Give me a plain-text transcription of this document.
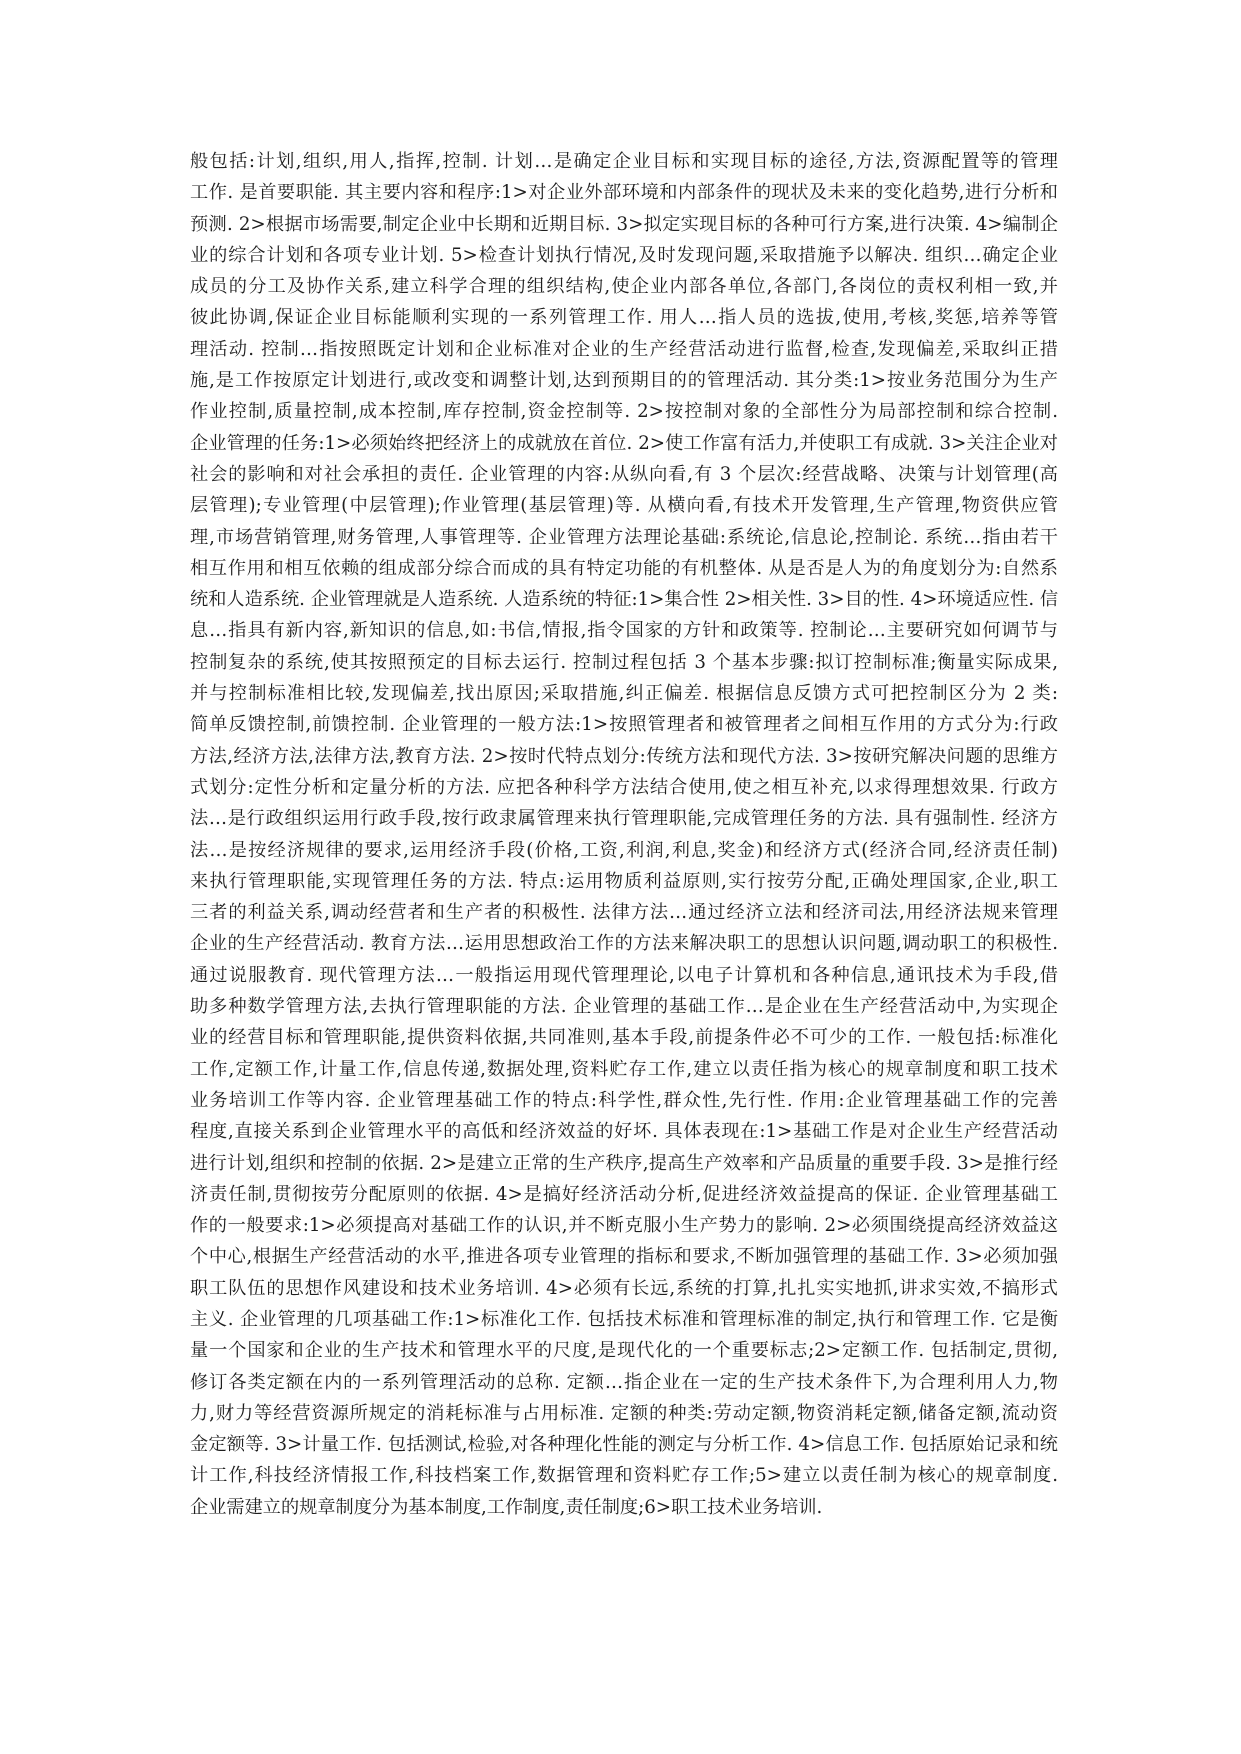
般包括:计划,组织,用人,指挥,控制. 计划…是确定企业目标和实现目标的途径,方法,资源配置等的管理
工作. 是首要职能. 其主要内容和程序:1>对企业外部环境和内部条件的现状及未来的变化趋势,进行分析和
预测. 2>根据市场需要,制定企业中长期和近期目标. 3>拟定实现目标的各种可行方案,进行决策. 4>编制企
业的综合计划和各项专业计划. 5>检查计划执行情况,及时发现问题,采取措施予以解决. 组织…确定企业
成员的分工及协作关系,建立科学合理的组织结构,使企业内部各单位,各部门,各岗位的责权利相一致,并
彼此协调,保证企业目标能顺利实现的一系列管理工作. 用人…指人员的选拔,使用,考核,奖惩,培养等管
理活动. 控制…指按照既定计划和企业标准对企业的生产经营活动进行监督,检查,发现偏差,采取纠正措
施,是工作按原定计划进行,或改变和调整计划,达到预期目的的管理活动. 其分类:1>按业务范围分为生产
作业控制,质量控制,成本控制,库存控制,资金控制等. 2>按控制对象的全部性分为局部控制和综合控制.
企业管理的任务:1>必须始终把经济上的成就放在首位. 2>使工作富有活力,并使职工有成就. 3>关注企业对
社会的影响和对社会承担的责任. 企业管理的内容:从纵向看,有 3 个层次:经营战略、决策与计划管理(高
层管理);专业管理(中层管理);作业管理(基层管理)等. 从横向看,有技术开发管理,生产管理,物资供应管
理,市场营销管理,财务管理,人事管理等. 企业管理方法理论基础:系统论,信息论,控制论. 系统…指由若干
相互作用和相互依赖的组成部分综合而成的具有特定功能的有机整体. 从是否是人为的角度划分为:自然系
统和人造系统. 企业管理就是人造系统. 人造系统的特征:1>集合性 2>相关性. 3>目的性. 4>环境适应性. 信
息…指具有新内容,新知识的信息,如:书信,情报,指令国家的方针和政策等. 控制论…主要研究如何调节与
控制复杂的系统,使其按照预定的目标去运行. 控制过程包括 3 个基本步骤:拟订控制标准;衡量实际成果,
并与控制标准相比较,发现偏差,找出原因;采取措施,纠正偏差. 根据信息反馈方式可把控制区分为 2 类:
简单反馈控制,前馈控制. 企业管理的一般方法:1>按照管理者和被管理者之间相互作用的方式分为:行政
方法,经济方法,法律方法,教育方法. 2>按时代特点划分:传统方法和现代方法. 3>按研究解决问题的思维方
式划分:定性分析和定量分析的方法. 应把各种科学方法结合使用,使之相互补充,以求得理想效果. 行政方
法…是行政组织运用行政手段,按行政隶属管理来执行管理职能,完成管理任务的方法. 具有强制性. 经济方
法…是按经济规律的要求,运用经济手段(价格,工资,利润,利息,奖金)和经济方式(经济合同,经济责任制)
来执行管理职能,实现管理任务的方法. 特点:运用物质利益原则,实行按劳分配,正确处理国家,企业,职工
三者的利益关系,调动经营者和生产者的积极性. 法律方法…通过经济立法和经济司法,用经济法规来管理
企业的生产经营活动. 教育方法…运用思想政治工作的方法来解决职工的思想认识问题,调动职工的积极性.
通过说服教育. 现代管理方法…一般指运用现代管理理论,以电子计算机和各种信息,通讯技术为手段,借
助多种数学管理方法,去执行管理职能的方法. 企业管理的基础工作…是企业在生产经营活动中,为实现企
业的经营目标和管理职能,提供资料依据,共同准则,基本手段,前提条件必不可少的工作. 一般包括:标准化
工作,定额工作,计量工作,信息传递,数据处理,资料贮存工作,建立以责任指为核心的规章制度和职工技术
业务培训工作等内容. 企业管理基础工作的特点:科学性,群众性,先行性. 作用:企业管理基础工作的完善
程度,直接关系到企业管理水平的高低和经济效益的好坏. 具体表现在:1>基础工作是对企业生产经营活动
进行计划,组织和控制的依据. 2>是建立正常的生产秩序,提高生产效率和产品质量的重要手段. 3>是推行经
济责任制,贯彻按劳分配原则的依据. 4>是搞好经济活动分析,促进经济效益提高的保证. 企业管理基础工
作的一般要求:1>必须提高对基础工作的认识,并不断克服小生产势力的影响. 2>必须围绕提高经济效益这
个中心,根据生产经营活动的水平,推进各项专业管理的指标和要求,不断加强管理的基础工作. 3>必须加强
职工队伍的思想作风建设和技术业务培训. 4>必须有长远,系统的打算,扎扎实实地抓,讲求实效,不搞形式
主义. 企业管理的几项基础工作:1>标准化工作. 包括技术标准和管理标准的制定,执行和管理工作. 它是衡
量一个国家和企业的生产技术和管理水平的尺度,是现代化的一个重要标志;2>定额工作. 包括制定,贯彻,
修订各类定额在内的一系列管理活动的总称. 定额…指企业在一定的生产技术条件下,为合理利用人力,物
力,财力等经营资源所规定的消耗标准与占用标准. 定额的种类:劳动定额,物资消耗定额,储备定额,流动资
金定额等. 3>计量工作. 包括测试,检验,对各种理化性能的测定与分析工作. 4>信息工作. 包括原始记录和统
计工作,科技经济情报工作,科技档案工作,数据管理和资料贮存工作;5>建立以责任制为核心的规章制度.
企业需建立的规章制度分为基本制度,工作制度,责任制度;6>职工技术业务培训.
